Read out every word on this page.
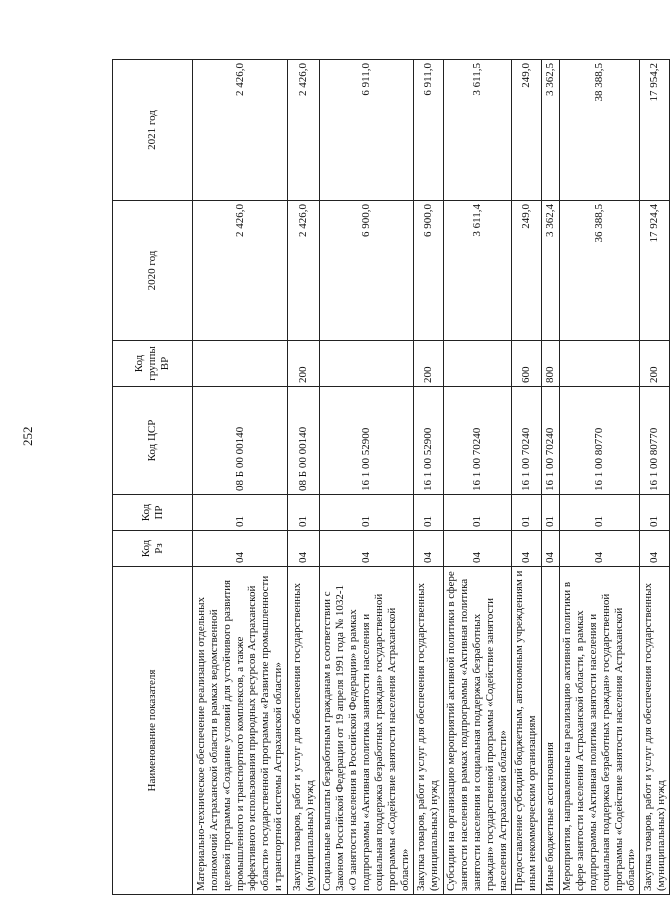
252
Наименование показателя	Код Рз	Код ПР	Код ЦСР	Код группы ВР	2020 год	2021 год
Материально-техническое обеспечение реализации отдельных полномочий Астраханской области в рамках ведомственной целевой программы «Создание условий для устойчивого развития промышленного и транспортного комплексов, а также эффективного использования природных ресурсов Астраханской области» государственной программы «Развитие промышленности и транспортной системы Астраханской области»	04	01	08 Б 00 00140		2 426,0	2 426,0
Закупка товаров, работ и услуг для обеспечения государственных (муниципальных) нужд	04	01	08 Б 00 00140	200	2 426,0	2 426,0
Социальные выплаты безработным гражданам в соответствии с Законом Российской Федерации от 19 апреля 1991 года № 1032-1 «О занятости населения в Российской Федерации» в рамках подпрограммы «Активная политика занятости населения и социальная поддержка безработных граждан» государственной программы «Содействие занятости населения Астраханской области»	04	01	16 1 00 52900		6 900,0	6 911,0
Закупка товаров, работ и услуг для обеспечения государственных (муниципальных) нужд	04	01	16 1 00 52900	200	6 900,0	6 911,0
Субсидии на организацию мероприятий активной политики в сфере занятости населения в рамках подпрограммы «Активная политика занятости населения и социальная поддержка безработных граждан» государственной программы «Содействие занятости населения Астраханской области»	04	01	16 1 00 70240		3 611,4	3 611,5
Предоставление субсидий бюджетным, автономным учреждениям и иным некоммерческим организациям	04	01	16 1 00 70240	600	249,0	249,0
Иные бюджетные ассигнования	04	01	16 1 00 70240	800	3 362,4	3 362,5
Мероприятия, направленные на реализацию активной политики в сфере занятости населения Астраханской области, в рамках подпрограммы «Активная политика занятости населения и социальная поддержка безработных граждан» государственной программы «Содействие занятости населения Астраханской области»	04	01	16 1 00 80770		36 388,5	38 388,5
Закупка товаров, работ и услуг для обеспечения государственных (муниципальных) нужд	04	01	16 1 00 80770	200	17 924,4	17 954,2
